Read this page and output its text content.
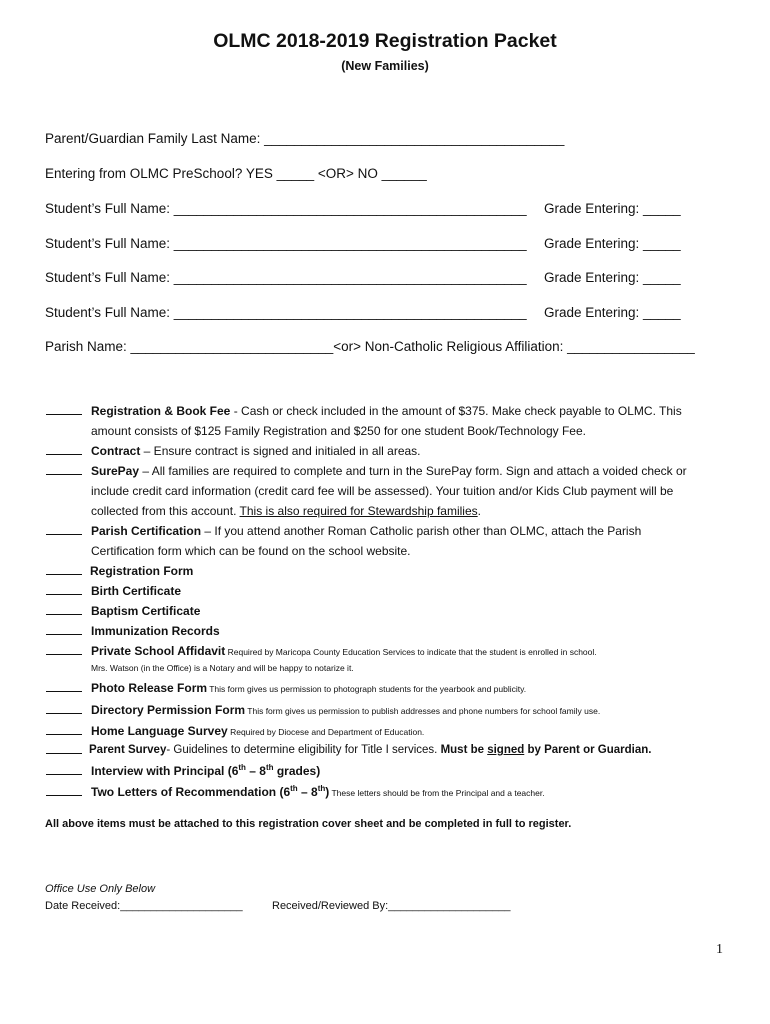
OLMC 2018-2019 Registration Packet
(New Families)
Parent/Guardian Family Last Name: ________________________________________
Entering from OLMC PreSchool? YES _____ <OR> NO ______
Student’s Full Name: _______________________________________________ Grade Entering: _____
Student’s Full Name: _______________________________________________ Grade Entering: _____
Student’s Full Name: _______________________________________________ Grade Entering: _____
Student’s Full Name: _______________________________________________ Grade Entering: _____
Parish Name: ___________________________<or> Non-Catholic Religious Affiliation: _________________
Registration & Book Fee - Cash or check included in the amount of $375. Make check payable to OLMC. This
amount consists of $125 Family Registration and $250 for one student Book/Technology Fee.
Contract – Ensure contract is signed and initialed in all areas.
SurePay – All families are required to complete and turn in the SurePay form. Sign and attach a voided check or
include credit card information (credit card fee will be assessed). Your tuition and/or Kids Club payment will be
collected from this account. This is also required for Stewardship families.
Parish Certification – If you attend another Roman Catholic parish other than OLMC, attach the Parish
Certification form which can be found on the school website.
Registration Form
Birth Certificate
Baptism Certificate
Immunization Records
Private School Affidavit Required by Maricopa County Education Services to indicate that the student is enrolled in school.
Mrs. Watson (in the Office) is a Notary and will be happy to notarize it.
Photo Release Form This form gives us permission to photograph students for the yearbook and publicity.
Directory Permission Form This form gives us permission to publish addresses and phone numbers for school family use.
Home Language Survey Required by Diocese and Department of Education.
Parent Survey- Guidelines to determine eligibility for Title I services. Must be signed by Parent or Guardian.
Interview with Principal (6th – 8th grades)
Two Letters of Recommendation (6th – 8th) These letters should be from the Principal and a teacher.
All above items must be attached to this registration cover sheet and be completed in full to register.
Office Use Only Below
Date Received:____________________	Received/Reviewed By:____________________
1
